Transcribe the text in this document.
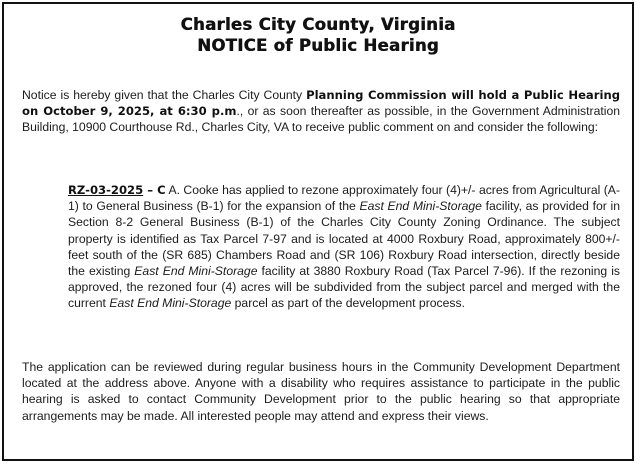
Charles City County, Virginia
NOTICE of Public Hearing

Notice is hereby given that the Charles City County Planning Commission will hold a Public Hearing on October 9, 2025, at 6:30 p.m., or as soon thereafter as possible, in the Government Administration Building, 10900 Courthouse Rd., Charles City, VA to receive public comment on and consider the following:

RZ-03-2025 – C A. Cooke has applied to rezone approximately four (4)+/- acres from Agricultural (A-1) to General Business (B-1) for the expansion of the East End Mini-Storage facility, as provided for in Section 8-2 General Business (B-1) of the Charles City County Zoning Ordinance. The subject property is identified as Tax Parcel 7-97 and is located at 4000 Roxbury Road, approximately 800+/- feet south of the (SR 685) Chambers Road and (SR 106) Roxbury Road intersection, directly beside the existing East End Mini-Storage facility at 3880 Roxbury Road (Tax Parcel 7-96). If the rezoning is approved, the rezoned four (4) acres will be subdivided from the subject parcel and merged with the current East End Mini-Storage parcel as part of the development process.

The application can be reviewed during regular business hours in the Community Development Department located at the address above. Anyone with a disability who requires assistance to participate in the public hearing is asked to contact Community Development prior to the public hearing so that appropriate arrangements may be made. All interested people may attend and express their views.
